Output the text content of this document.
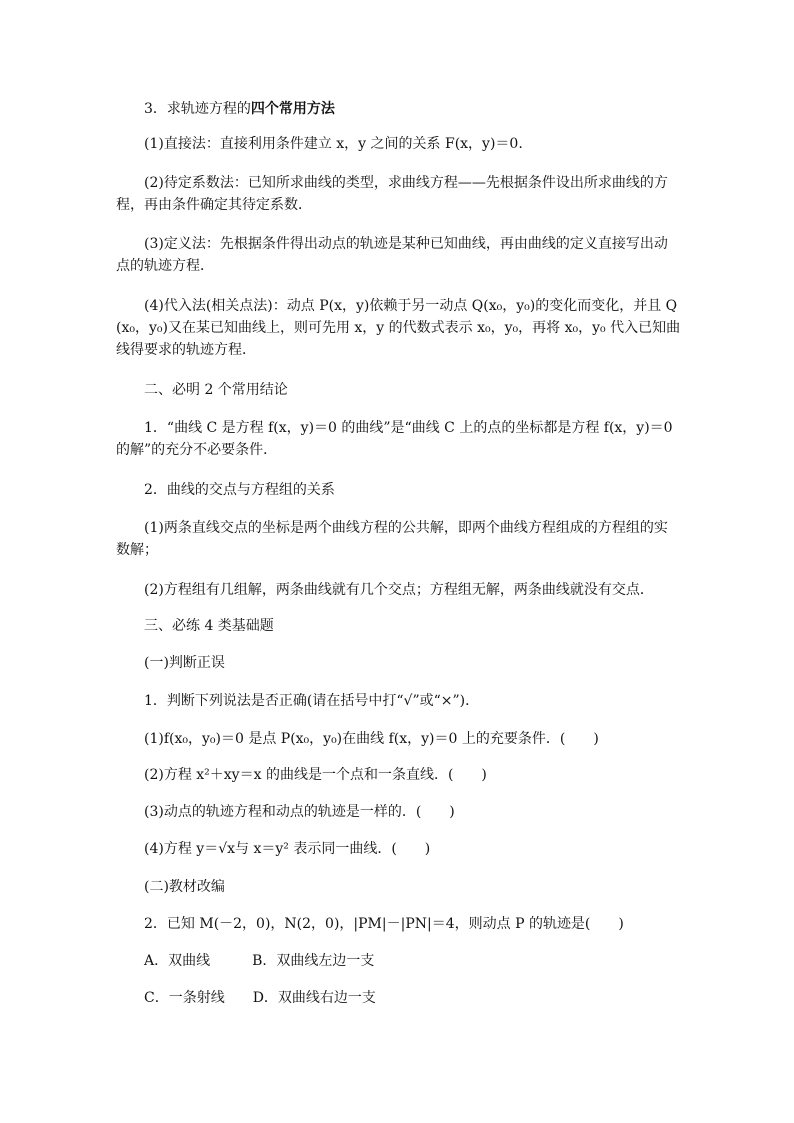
3．求轨迹方程的四个常用方法
(1)直接法：直接利用条件建立 x，y 之间的关系 F(x，y)＝0.
(2)待定系数法：已知所求曲线的类型，求曲线方程——先根据条件设出所求曲线的方程，再由条件确定其待定系数．
(3)定义法：先根据条件得出动点的轨迹是某种已知曲线，再由曲线的定义直接写出动点的轨迹方程．
(4)代入法(相关点法)：动点 P(x，y)依赖于另一动点 Q(x₀，y₀)的变化而变化，并且 Q(x₀，y₀)又在某已知曲线上，则可先用 x，y 的代数式表示 x₀，y₀，再将 x₀，y₀ 代入已知曲线得要求的轨迹方程．
二、必明 2 个常用结论
1．“曲线 C 是方程 f(x，y)＝0 的曲线”是“曲线 C 上的点的坐标都是方程 f(x，y)＝0 的解”的充分不必要条件．
2．曲线的交点与方程组的关系
(1)两条直线交点的坐标是两个曲线方程的公共解，即两个曲线方程组成的方程组的实数解；
(2)方程组有几组解，两条曲线就有几个交点；方程组无解，两条曲线就没有交点．
三、必练 4 类基础题
(一)判断正误
1．判断下列说法是否正确(请在括号中打“√”或“×”)．
(1)f(x₀，y₀)＝0 是点 P(x₀，y₀)在曲线 f(x，y)＝0 上的充要条件．(　　)
(2)方程 x²＋xy＝x 的曲线是一个点和一条直线．(　　)
(3)动点的轨迹方程和动点的轨迹是一样的．(　　)
(4)方程 y＝√x与 x＝y² 表示同一曲线．(　　)
(二)教材改编
2．已知 M(－2，0)，N(2，0)，|PM|－|PN|＝4，则动点 P 的轨迹是(　　)
A．双曲线　　　B．双曲线左边一支
C．一条射线　　D．双曲线右边一支
